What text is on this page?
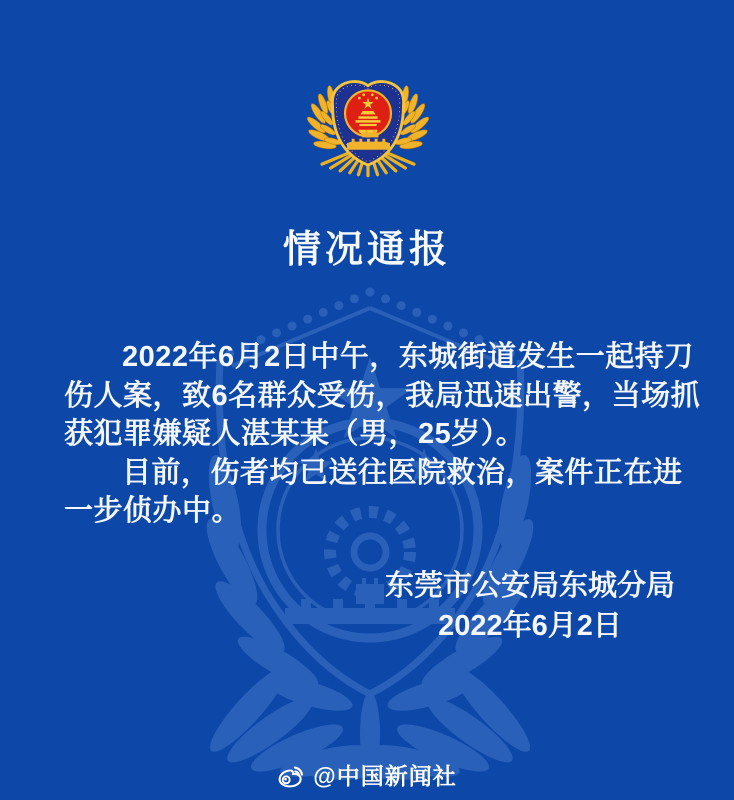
情况通报
2022年6月2日中午，东城街道发生一起持刀
伤人案，致6名群众受伤，我局迅速出警，当场抓
获犯罪嫌疑人湛某某（男，25岁）。
目前，伤者均已送往医院救治，案件正在进
一步侦办中。
东莞市公安局东城分局
2022年6月2日
@中国新闻社
